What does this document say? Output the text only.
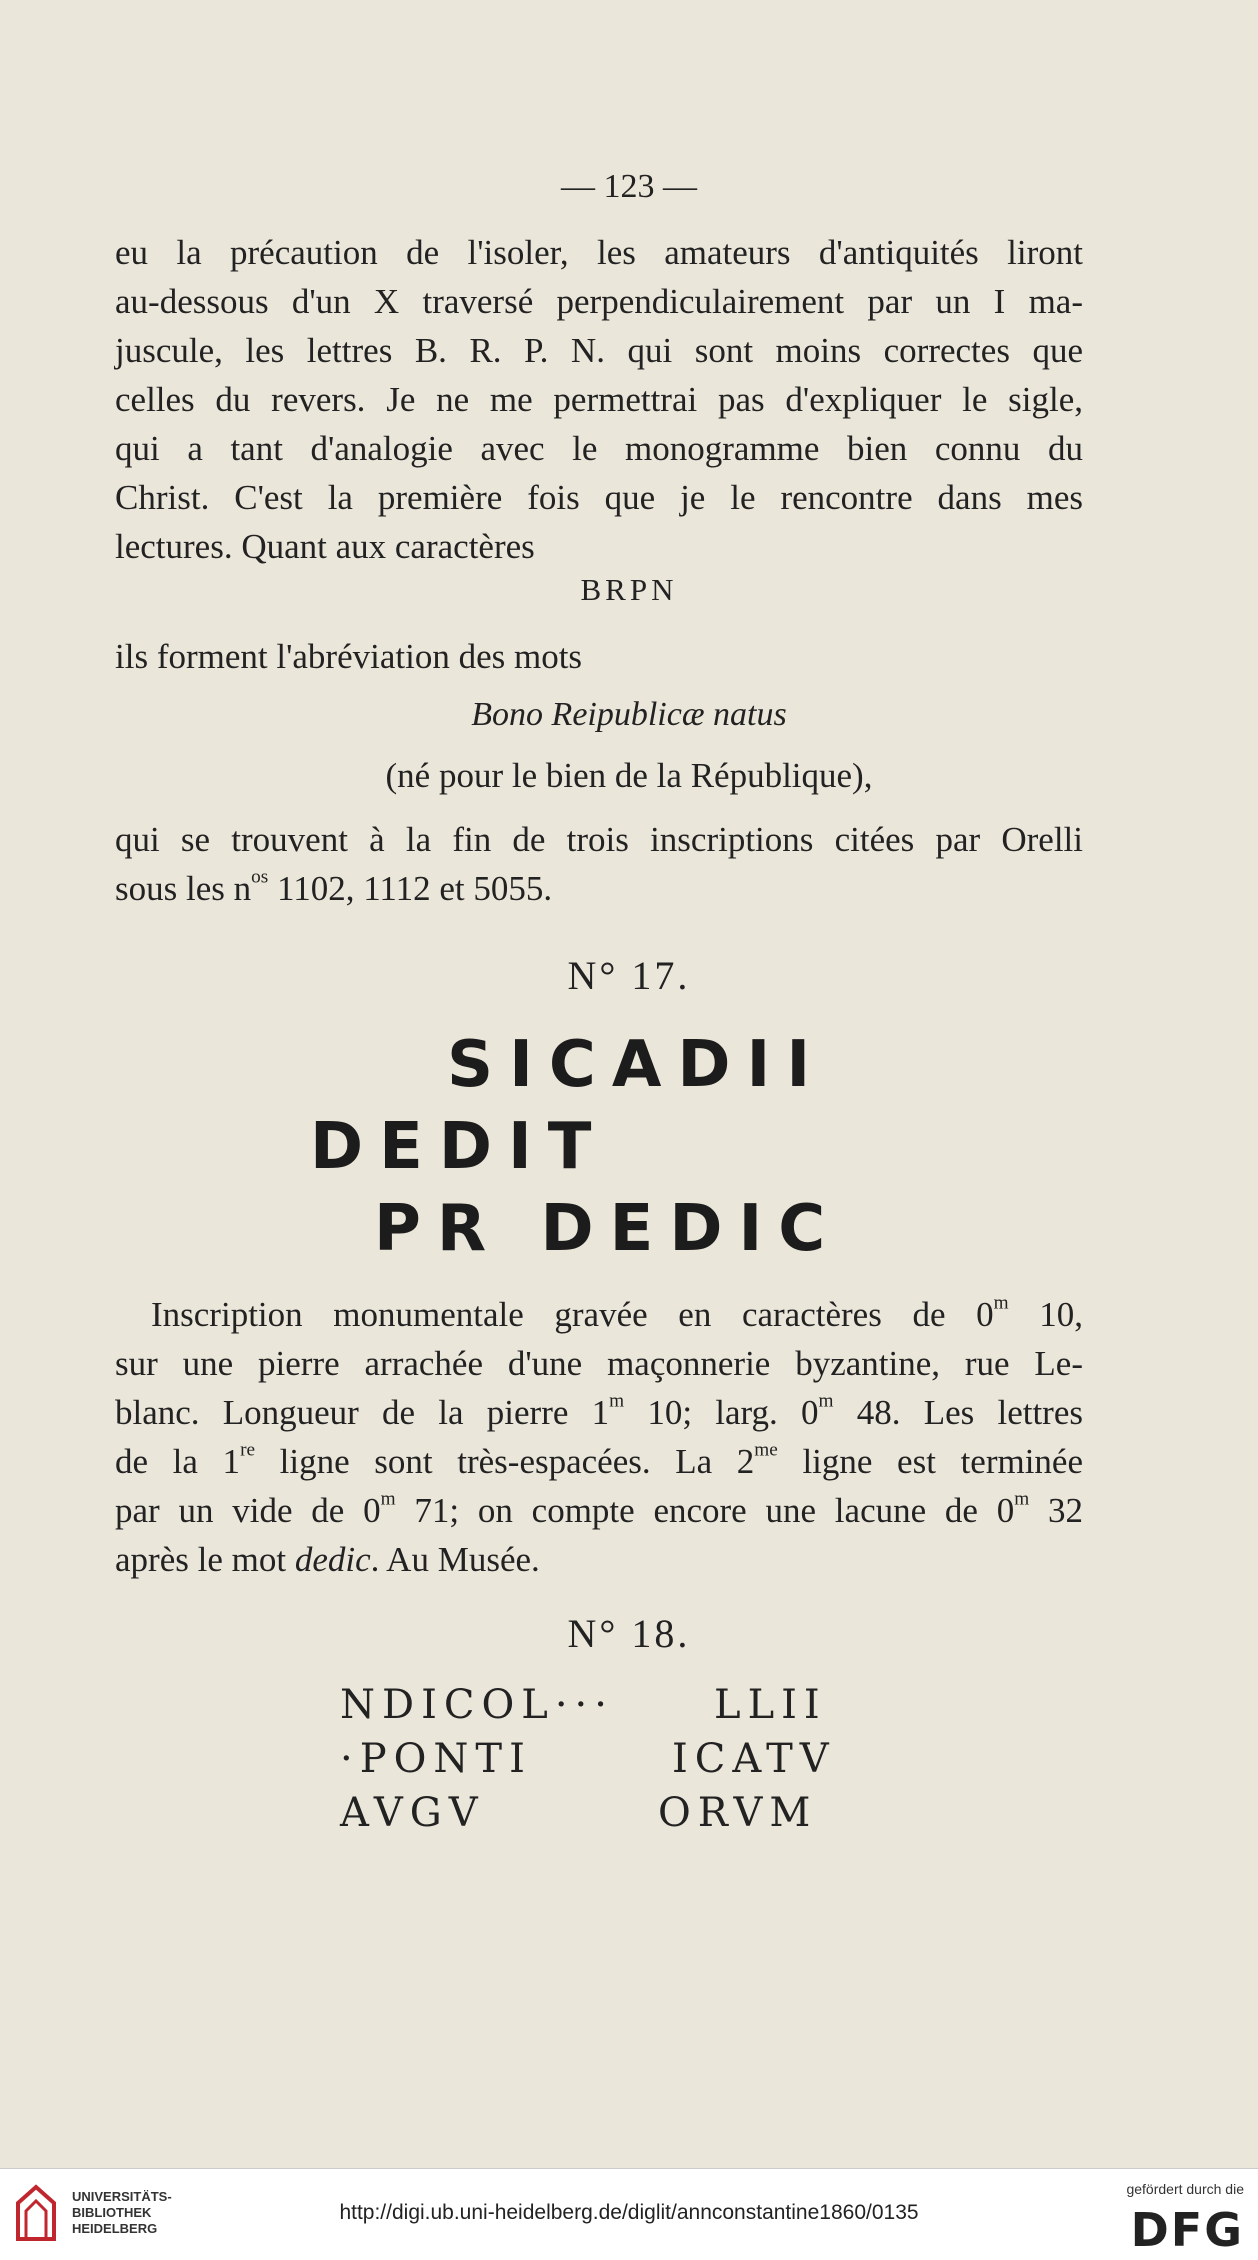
— 123 —
eu la précaution de l'isoler, les amateurs d'antiquités liront
au-dessous d'un X traversé perpendiculairement par un I ma-
juscule, les lettres B. R. P. N. qui sont moins correctes que
celles du revers. Je ne me permettrai pas d'expliquer le sigle,
qui a tant d'analogie avec le monogramme bien connu du
Christ. C'est la première fois que je le rencontre dans mes
lectures. Quant aux caractères
BRPN
ils forment l'abréviation des mots
Bono Reipublicæ natus
(né pour le bien de la République),
qui se trouvent à la fin de trois inscriptions citées par Orelli
sous les $n^{os}$ 1102, 1112 et 5055.
N° 17.
SICADII
DEDIT
PR DEDIC
Inscription monumentale gravée en caractères de 0$^m$ 10,
sur une pierre arrachée d'une maçonnerie byzantine, rue Le-
blanc. Longueur de la pierre 1$^m$ 10; larg. 0$^m$ 48. Les lettres
de la 1re ligne sont très-espacées. La $2^{me}$ ligne est terminée
par un vide de 0$^m$ 71; on compte encore une lacune de 0$^m$ 32
après le mot dedic. Au Musée.
N° 18.
NDICOL···
·PONTI
AVGV
LLII
ICATV
ORVM
UNIVERSITÄTS-
BIBLIOTHEK
HEIDELBERG
http://digi.ub.uni-heidelberg.de/diglit/annconstantine1860/0135
gefördert durch die
DFG
